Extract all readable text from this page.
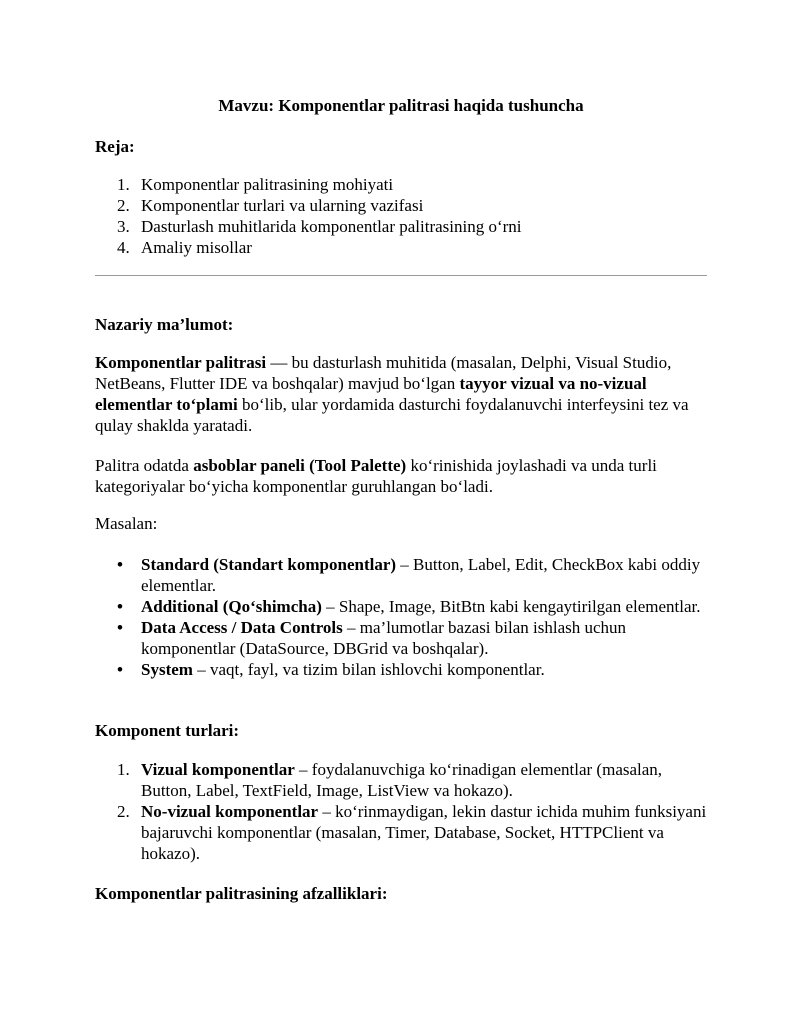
Mavzu: Komponentlar palitrasi haqida tushuncha
Reja:
1. Komponentlar palitrasining mohiyati
2. Komponentlar turlari va ularning vazifasi
3. Dasturlash muhitlarida komponentlar palitrasining o‘rni
4. Amaliy misollar
Nazariy ma’lumot:

Komponentlar palitrasi — bu dasturlash muhitida (masalan, Delphi, Visual Studio, NetBeans, Flutter IDE va boshqalar) mavjud bo‘lgan tayyor vizual va no-vizual elementlar to‘plami bo‘lib, ular yordamida dasturchi foydalanuvchi interfeysini tez va qulay shaklda yaratadi.

Palitra odatda asboblar paneli (Tool Palette) ko‘rinishida joylashadi va unda turli kategoriyalar bo‘yicha komponentlar guruhlangan bo‘ladi.

Masalan:

• Standard (Standart komponentlar) – Button, Label, Edit, CheckBox kabi oddiy elementlar.
• Additional (Qo‘shimcha) – Shape, Image, BitBtn kabi kengaytirilgan elementlar.
• Data Access / Data Controls – ma’lumotlar bazasi bilan ishlash uchun komponentlar (DataSource, DBGrid va boshqalar).
• System – vaqt, fayl, va tizim bilan ishlovchi komponentlar.
Komponent turlari:
1. Vizual komponentlar – foydalanuvchiga ko‘rinadigan elementlar (masalan, Button, Label, TextField, Image, ListView va hokazo).
2. No-vizual komponentlar – ko‘rinmaydigan, lekin dastur ichida muhim funksiyani bajaruvchi komponentlar (masalan, Timer, Database, Socket, HTTPClient va hokazo).
Komponentlar palitrasining afzalliklari:
